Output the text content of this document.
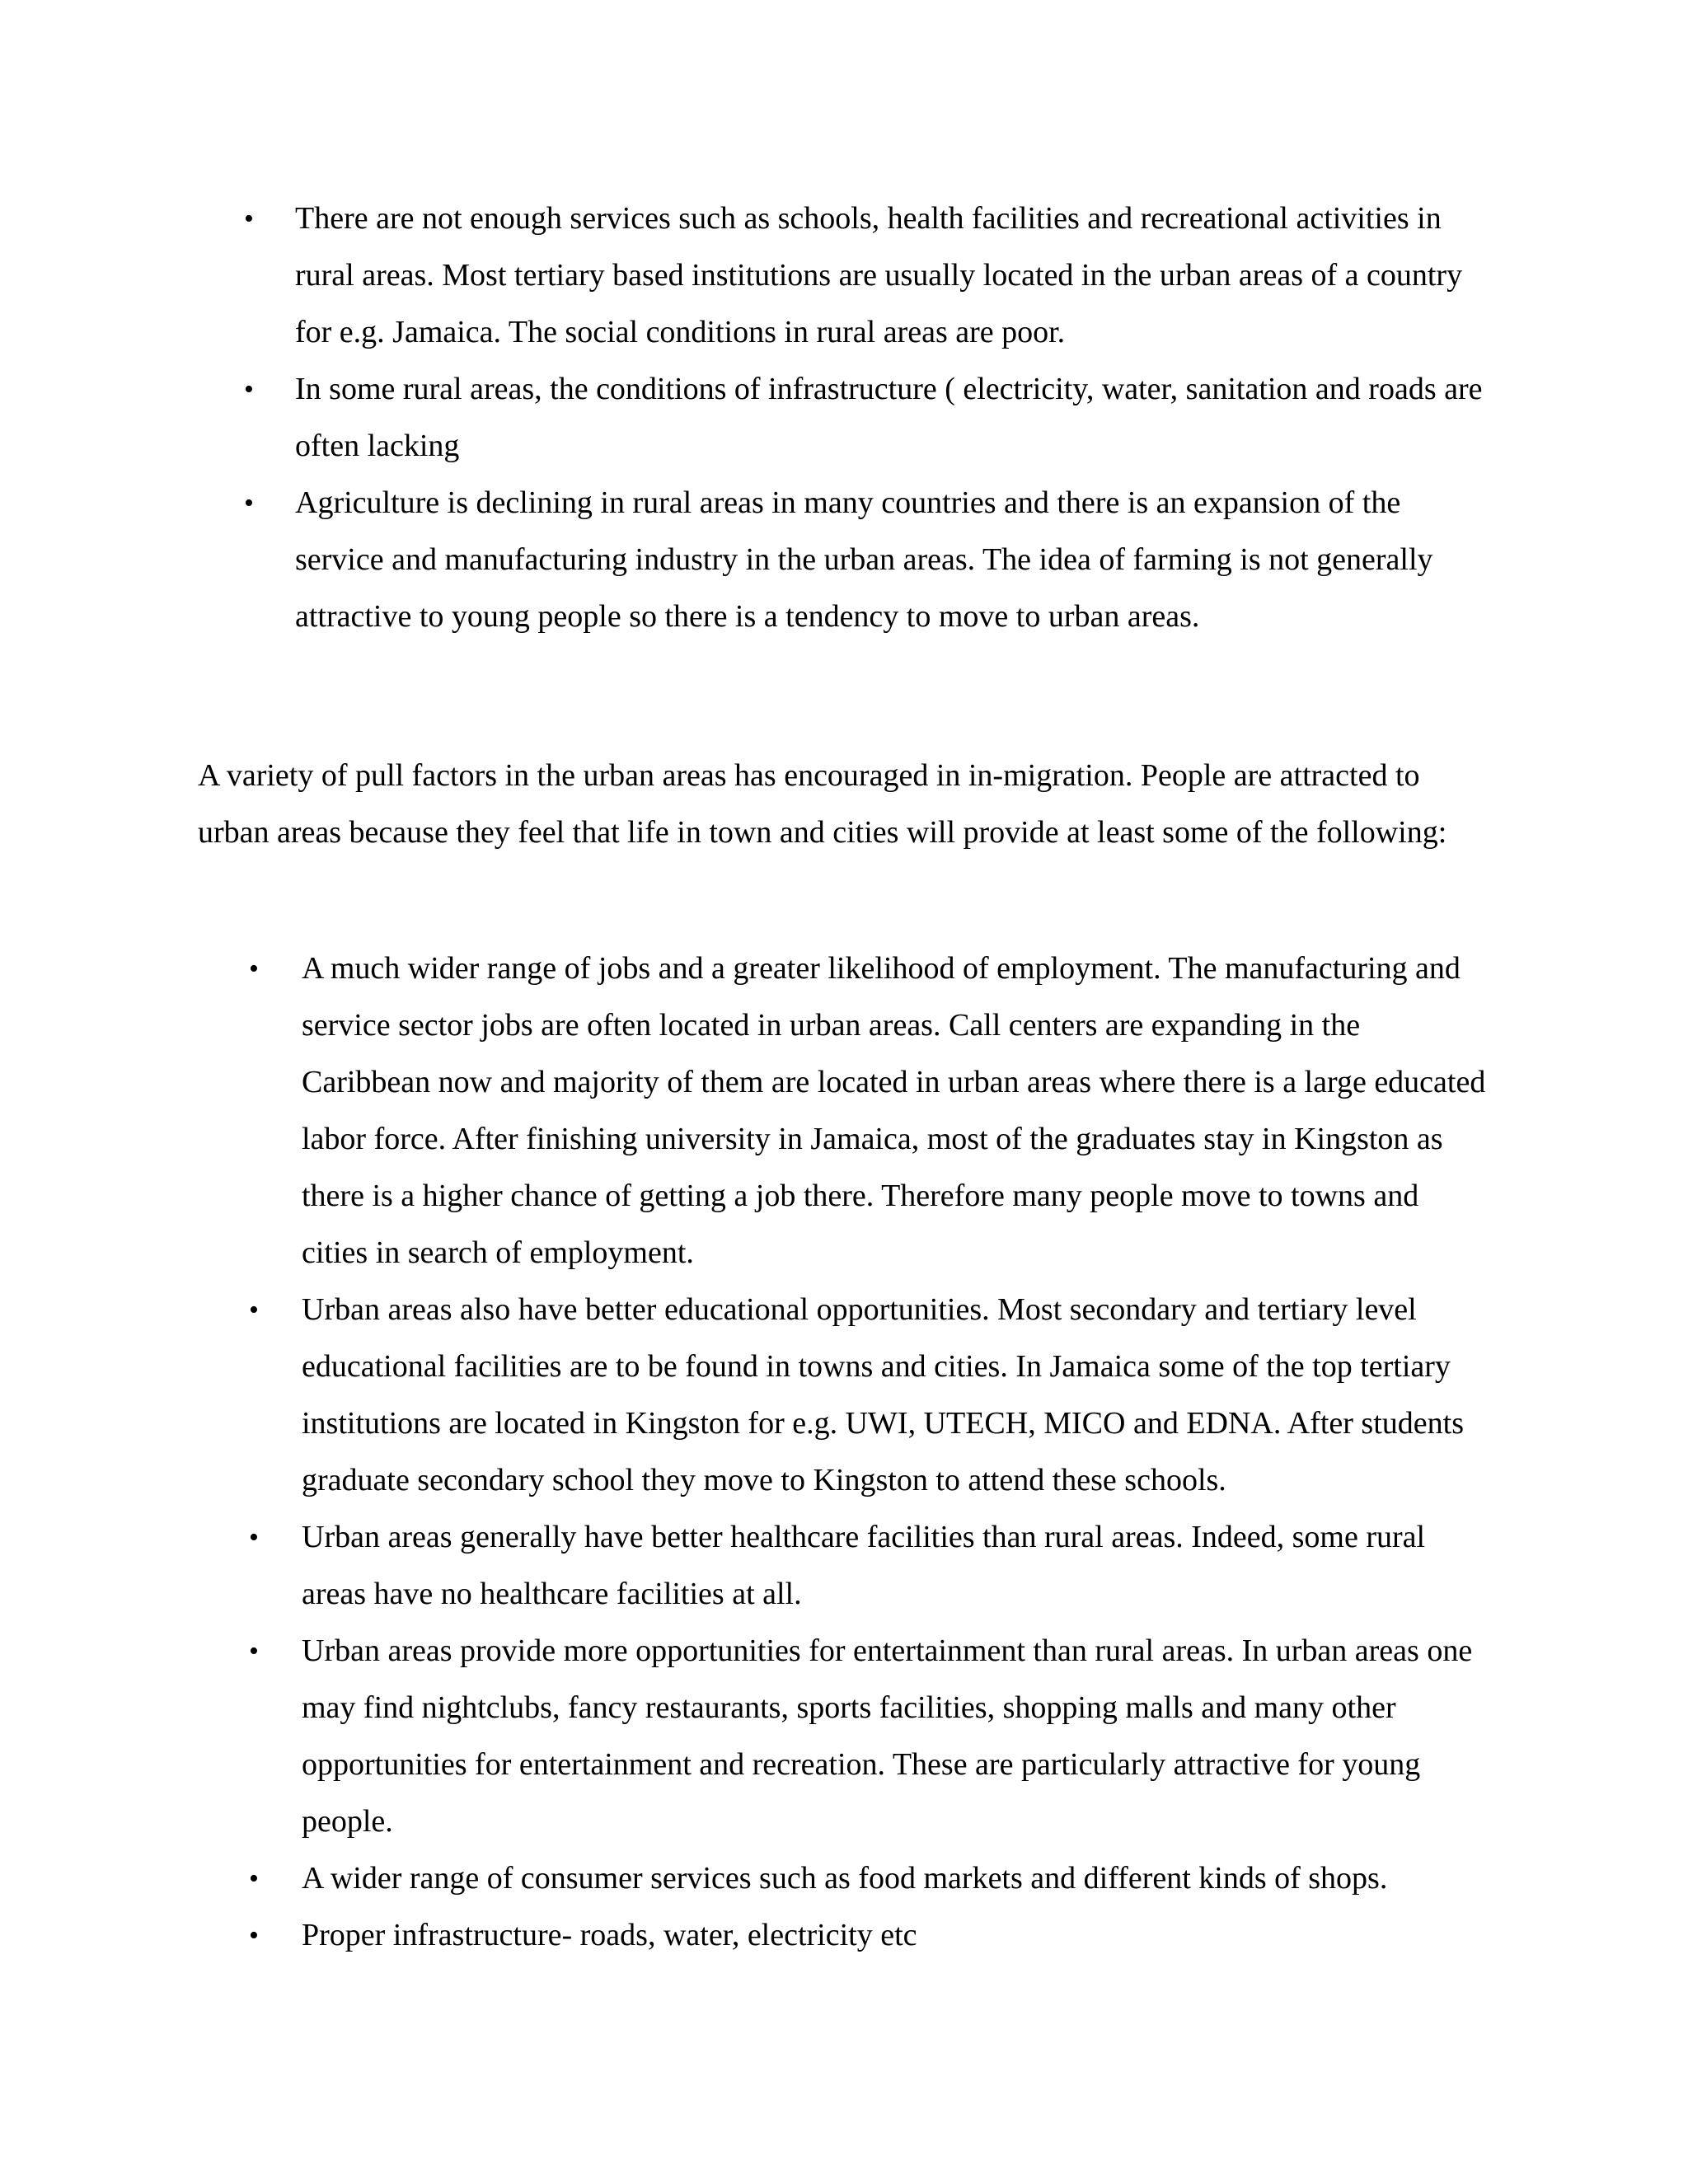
•	There are not enough services such as schools, health facilities and recreational activities in rural areas. Most tertiary based institutions are usually located in the urban areas of a country for e.g. Jamaica. The social conditions in rural areas are poor.
•	In some rural areas, the conditions of infrastructure ( electricity, water, sanitation and roads are often lacking
•	Agriculture is declining in rural areas in many countries and there is an expansion of the service and manufacturing industry in the urban areas. The idea of farming is not generally attractive to young people so there is a tendency to move to urban areas.

A variety of pull factors in the urban areas has encouraged in in-migration. People are attracted to urban areas because they feel that life in town and cities will provide at least some of the following:

•	A much wider range of jobs and a greater likelihood of employment. The manufacturing and service sector jobs are often located in urban areas. Call centers are expanding in the Caribbean now and majority of them are located in urban areas where there is a large educated labor force. After finishing university in Jamaica, most of the graduates stay in Kingston as there is a higher chance of getting a job there. Therefore many people move to towns and cities in search of employment.
•	Urban areas also have better educational opportunities. Most secondary and tertiary level educational facilities are to be found in towns and cities. In Jamaica some of the top tertiary institutions are located in Kingston for e.g. UWI, UTECH, MICO and EDNA. After students graduate secondary school they move to Kingston to attend these schools.
•	Urban areas generally have better healthcare facilities than rural areas. Indeed, some rural areas have no healthcare facilities at all.
•	Urban areas provide more opportunities for entertainment than rural areas. In urban areas one may find nightclubs, fancy restaurants, sports facilities, shopping malls and many other opportunities for entertainment and recreation. These are particularly attractive for young people.
•	A wider range of consumer services such as food markets and different kinds of shops.
•	Proper infrastructure- roads, water, electricity etc
